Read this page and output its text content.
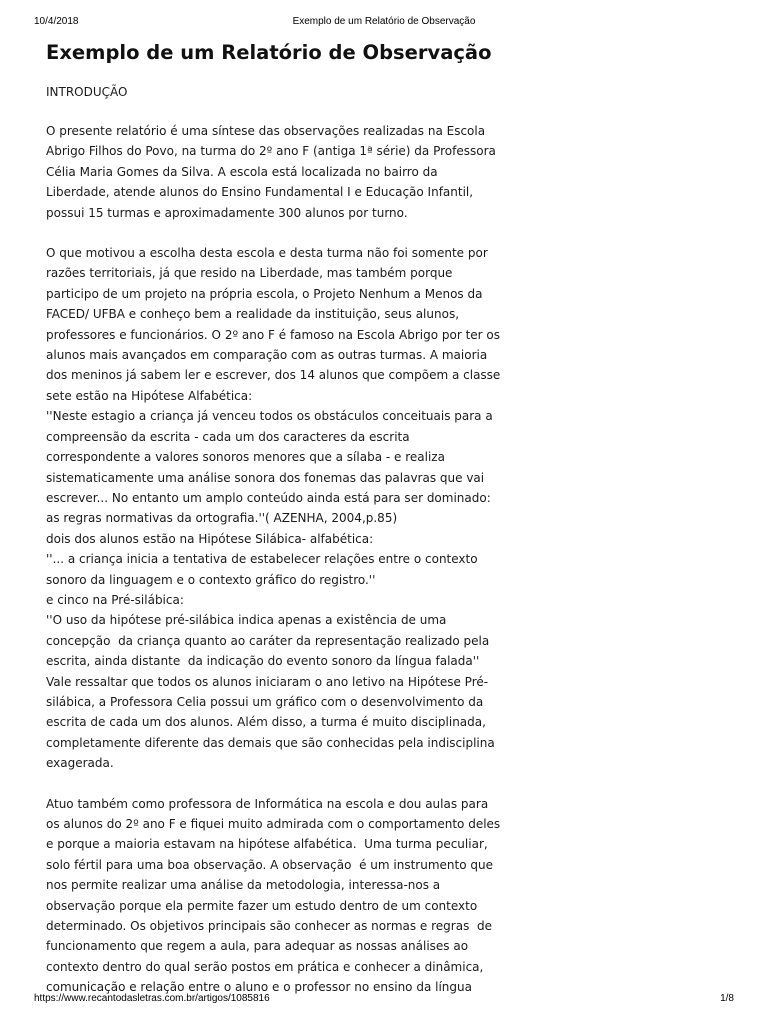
10/4/2018	Exemplo de um Relatório de Observação
Exemplo de um Relatório de Observação
INTRODUÇÃO

O presente relatório é uma síntese das observações realizadas na Escola
Abrigo Filhos do Povo, na turma do 2º ano F (antiga 1ª série) da Professora
Célia Maria Gomes da Silva. A escola está localizada no bairro da
Liberdade, atende alunos do Ensino Fundamental I e Educação Infantil,
possui 15 turmas e aproximadamente 300 alunos por turno.

O que motivou a escolha desta escola e desta turma não foi somente por
razões territoriais, já que resido na Liberdade, mas também porque
participo de um projeto na própria escola, o Projeto Nenhum a Menos da
FACED/ UFBA e conheço bem a realidade da instituição, seus alunos,
professores e funcionários. O 2º ano F é famoso na Escola Abrigo por ter os
alunos mais avançados em comparação com as outras turmas. A maioria
dos meninos já sabem ler e escrever, dos 14 alunos que compõem a classe
sete estão na Hipótese Alfabética:
''Neste estagio a criança já venceu todos os obstáculos conceituais para a
compreensão da escrita - cada um dos caracteres da escrita
correspondente a valores sonoros menores que a sílaba - e realiza
sistematicamente uma análise sonora dos fonemas das palavras que vai
escrever... No entanto um amplo conteúdo ainda está para ser dominado:
as regras normativas da ortografia.''( AZENHA, 2004,p.85)
dois dos alunos estão na Hipótese Silábica- alfabética:
''... a criança inicia a tentativa de estabelecer relações entre o contexto
sonoro da linguagem e o contexto gráfico do registro.''
e cinco na Pré-silábica:
''O uso da hipótese pré-silábica indica apenas a existência de uma
concepção  da criança quanto ao caráter da representação realizado pela
escrita, ainda distante  da indicação do evento sonoro da língua falada''
Vale ressaltar que todos os alunos iniciaram o ano letivo na Hipótese Pré-
silábica, a Professora Celia possui um gráfico com o desenvolvimento da
escrita de cada um dos alunos. Além disso, a turma é muito disciplinada,
completamente diferente das demais que são conhecidas pela indisciplina
exagerada.

Atuo também como professora de Informática na escola e dou aulas para
os alunos do 2º ano F e fiquei muito admirada com o comportamento deles
e porque a maioria estavam na hipótese alfabética.  Uma turma peculiar,
solo fértil para uma boa observação. A observação  é um instrumento que
nos permite realizar uma análise da metodologia, interessa-nos a
observação porque ela permite fazer um estudo dentro de um contexto
determinado. Os objetivos principais são conhecer as normas e regras  de
funcionamento que regem a aula, para adequar as nossas análises ao
contexto dentro do qual serão postos em prática e conhecer a dinâmica,
comunicação e relação entre o aluno e o professor no ensino da língua

https://www.recantodasletras.com.br/artigos/1085816	1/8
